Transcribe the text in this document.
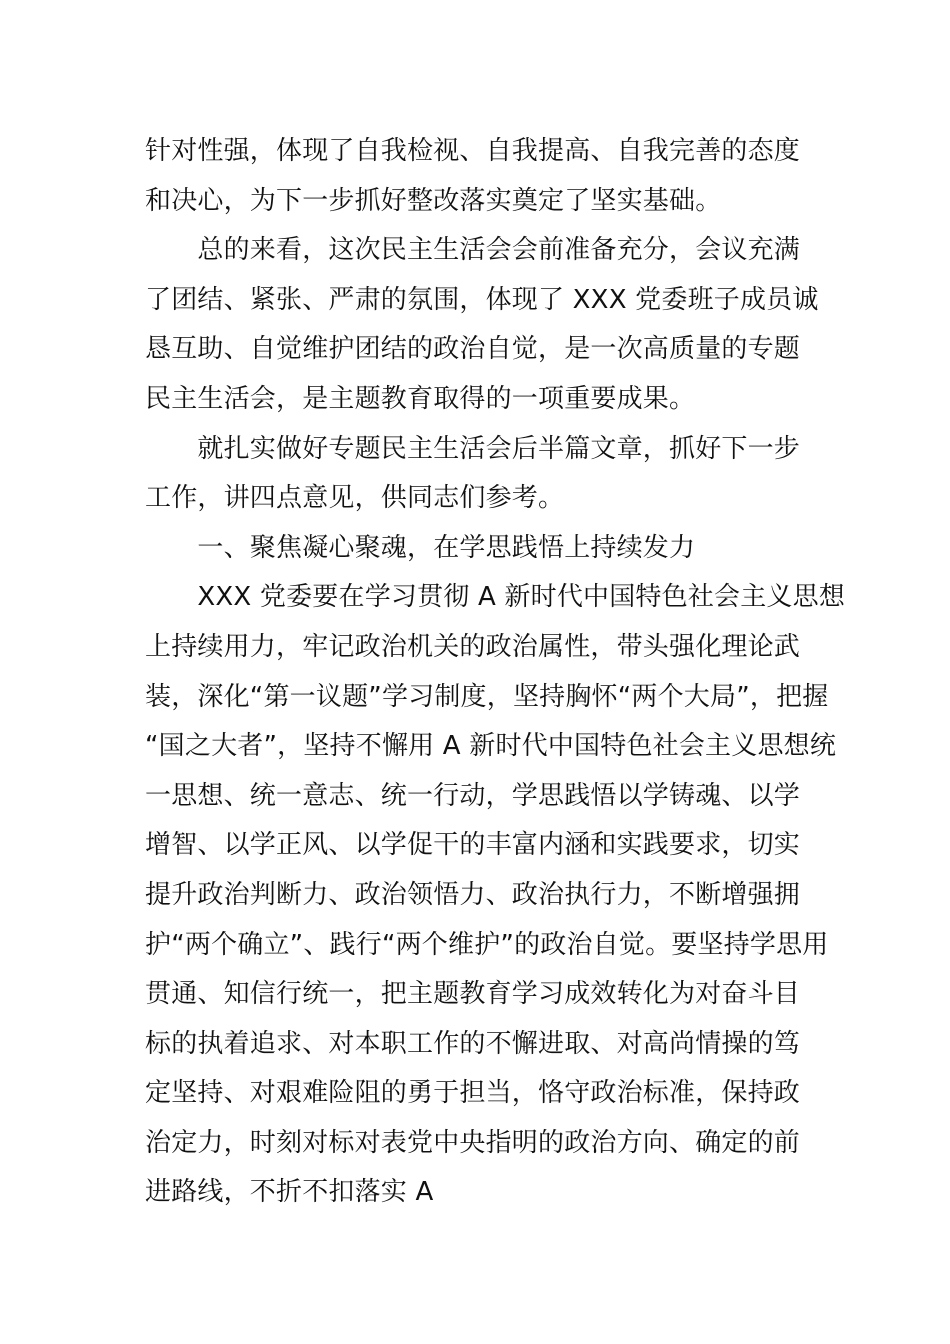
针对性强，体现了自我检视、自我提高、自我完善的态度
和决心，为下一步抓好整改落实奠定了坚实基础。
　　总的来看，这次民主生活会会前准备充分，会议充满
了团结、紧张、严肃的氛围，体现了 XXX 党委班子成员诚
恳互助、自觉维护团结的政治自觉，是一次高质量的专题
民主生活会，是主题教育取得的一项重要成果。
　　就扎实做好专题民主生活会后半篇文章，抓好下一步
工作，讲四点意见，供同志们参考。
　　一、聚焦凝心聚魂，在学思践悟上持续发力
　　XXX 党委要在学习贯彻 A 新时代中国特色社会主义思想
上持续用力，牢记政治机关的政治属性，带头强化理论武
装，深化“第一议题”学习制度，坚持胸怀“两个大局”，把握
“国之大者”，坚持不懈用 A 新时代中国特色社会主义思想统
一思想、统一意志、统一行动，学思践悟以学铸魂、以学
增智、以学正风、以学促干的丰富内涵和实践要求，切实
提升政治判断力、政治领悟力、政治执行力，不断增强拥
护“两个确立”、践行“两个维护”的政治自觉。要坚持学思用
贯通、知信行统一，把主题教育学习成效转化为对奋斗目
标的执着追求、对本职工作的不懈进取、对高尚情操的笃
定坚持、对艰难险阻的勇于担当，恪守政治标准，保持政
治定力，时刻对标对表党中央指明的政治方向、确定的前
进路线，不折不扣落实 A
